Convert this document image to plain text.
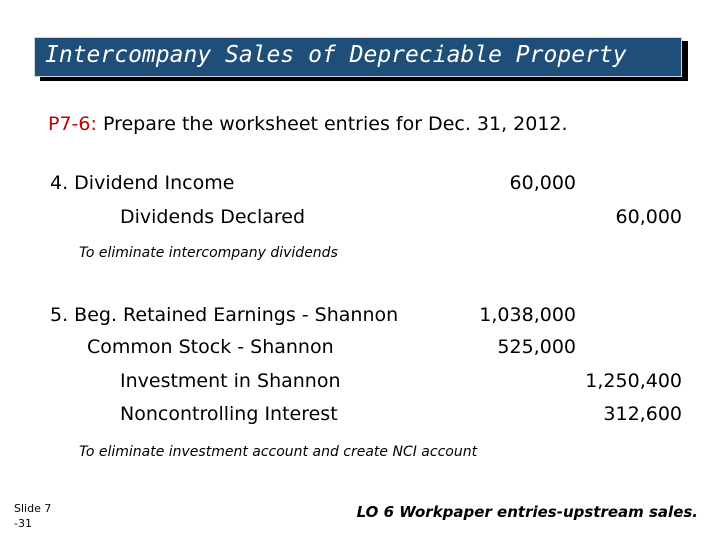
Intercompany Sales of Depreciable Property
P7-6: Prepare the worksheet entries for Dec. 31, 2012.
4. Dividend Income	60,000
Dividends Declared	60,000
To eliminate intercompany dividends
5. Beg. Retained Earnings - Shannon	1,038,000
Common Stock - Shannon	525,000
Investment in Shannon	1,250,400
Noncontrolling Interest	312,600
To eliminate investment account and create NCI account
Slide 7
-31
LO 6 Workpaper entries-upstream sales.
